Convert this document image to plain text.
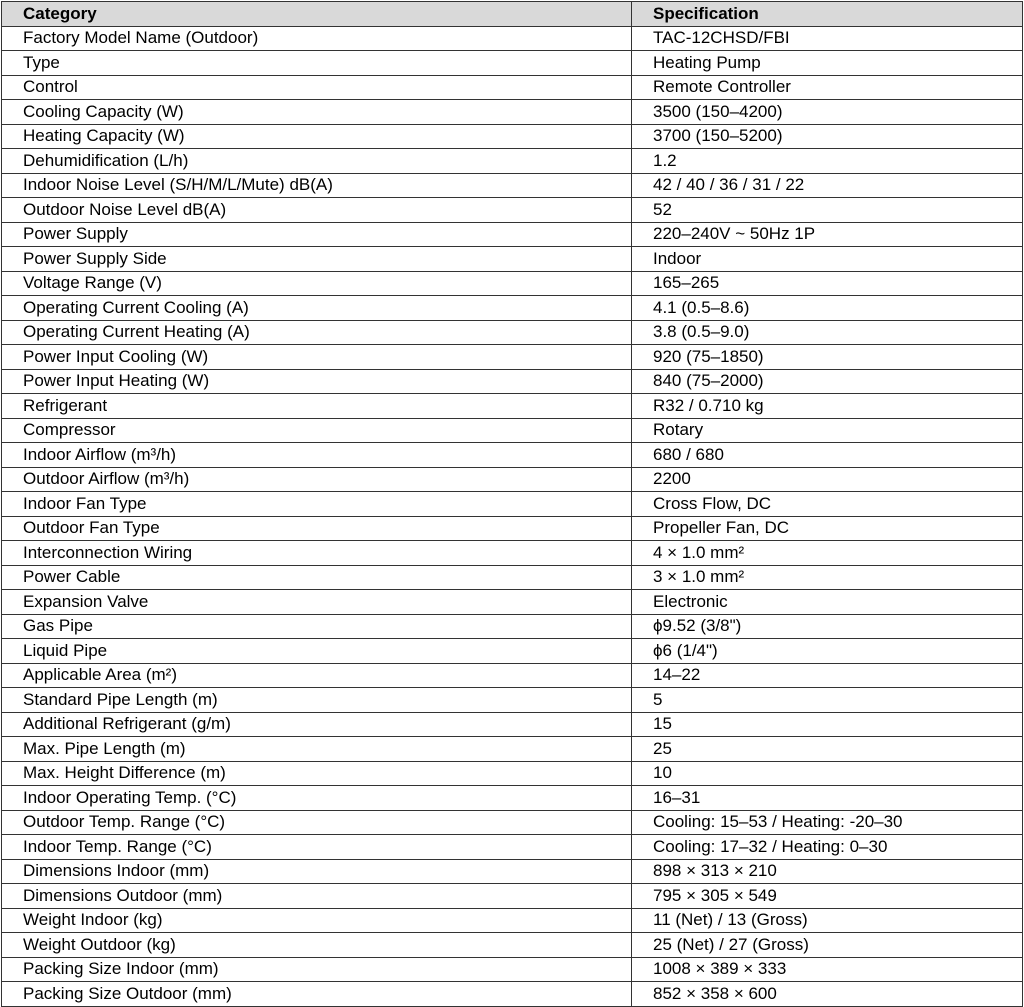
Category	Specification
Factory Model Name (Outdoor)	TAC-12CHSD/FBI
Type	Heating Pump
Control	Remote Controller
Cooling Capacity (W)	3500 (150–4200)
Heating Capacity (W)	3700 (150–5200)
Dehumidification (L/h)	1.2
Indoor Noise Level (S/H/M/L/Mute) dB(A)	42 / 40 / 36 / 31 / 22
Outdoor Noise Level dB(A)	52
Power Supply	220–240V ~ 50Hz 1P
Power Supply Side	Indoor
Voltage Range (V)	165–265
Operating Current Cooling (A)	4.1 (0.5–8.6)
Operating Current Heating (A)	3.8 (0.5–9.0)
Power Input Cooling (W)	920 (75–1850)
Power Input Heating (W)	840 (75–2000)
Refrigerant	R32 / 0.710 kg
Compressor	Rotary
Indoor Airflow (m³/h)	680 / 680
Outdoor Airflow (m³/h)	2200
Indoor Fan Type	Cross Flow, DC
Outdoor Fan Type	Propeller Fan, DC
Interconnection Wiring	4 × 1.0 mm²
Power Cable	3 × 1.0 mm²
Expansion Valve	Electronic
Gas Pipe	ϕ9.52 (3/8")
Liquid Pipe	ϕ6 (1/4")
Applicable Area (m²)	14–22
Standard Pipe Length (m)	5
Additional Refrigerant (g/m)	15
Max. Pipe Length (m)	25
Max. Height Difference (m)	10
Indoor Operating Temp. (°C)	16–31
Outdoor Temp. Range (°C)	Cooling: 15–53 / Heating: -20–30
Indoor Temp. Range (°C)	Cooling: 17–32 / Heating: 0–30
Dimensions Indoor (mm)	898 × 313 × 210
Dimensions Outdoor (mm)	795 × 305 × 549
Weight Indoor (kg)	11 (Net) / 13 (Gross)
Weight Outdoor (kg)	25 (Net) / 27 (Gross)
Packing Size Indoor (mm)	1008 × 389 × 333
Packing Size Outdoor (mm)	852 × 358 × 600
